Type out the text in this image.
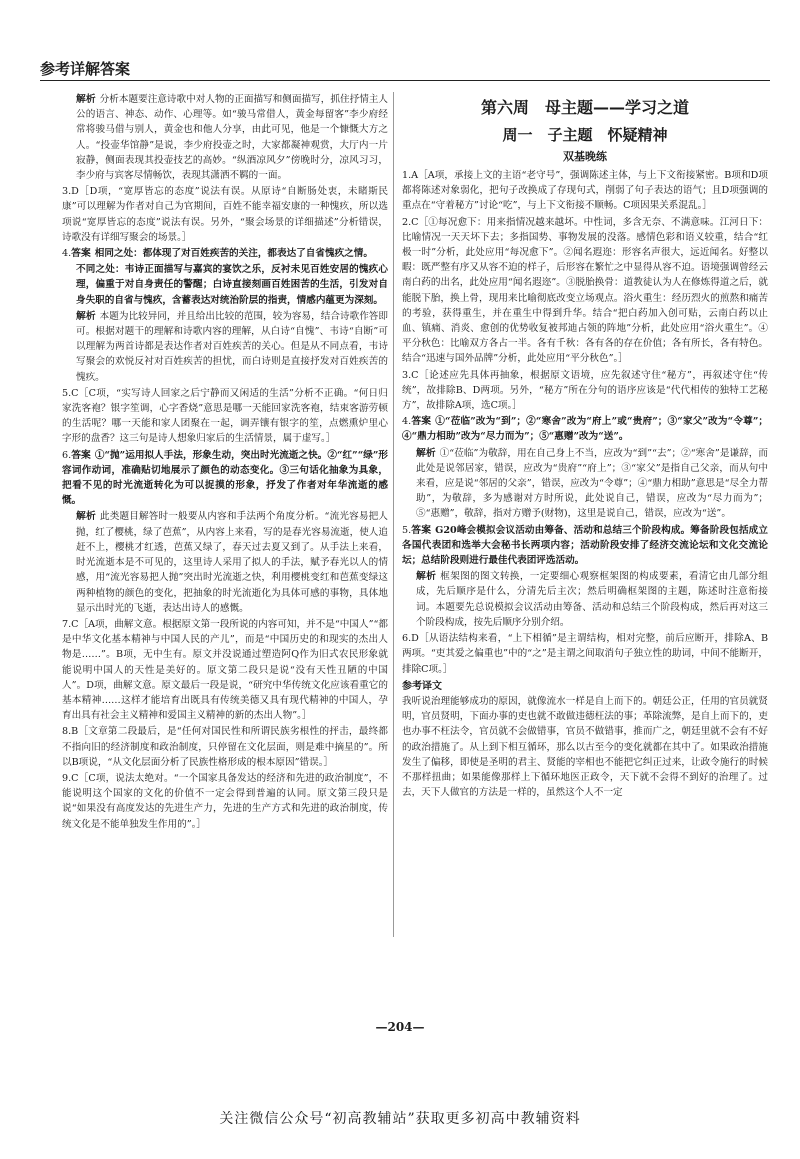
参考详解答案
解析 分析本题要注意诗歌中对人物的正面描写和侧面描写，抓住抒情主人公的语言、神态、动作、心理等。如“骏马常借人，黄金每留客”李少府经常将骏马借与别人，黄金也和他人分享，由此可见，他是一个慷慨大方之人。“投壶华馆静”是说，李少府投壶之时，大家都凝神观赏，大厅内一片寂静，侧面表现其投壶技艺的高妙。“纵酒凉风夕”傍晚时分，凉风习习，李少府与宾客尽情畅饮，表现其潇洒不羁的一面。
3.D［D项，“宽厚皆忘的态度”说法有误。从原诗“自断肠处衷，未睹斯民康”可以理解为作者对自己为官期间，百姓不能幸福安康的一种愧疚，所以选项说“宽厚皆忘的态度”说法有误。另外，“聚会场景的详细描述”分析错误，诗歌没有详细写聚会的场景。］
4.答案 相同之处：都体现了对百姓疾苦的关注，都表达了自省愧疚之情。
不同之处：韦诗正面描写与嘉宾的宴饮之乐，反衬未见百姓安居的愧疚心理，偏重于对自身责任的警醒；白诗直接刻画百姓困苦的生活，引发对自身失职的自省与愧疚，含蓄表达对统治阶层的指责，情感内蕴更为深刻。
解析 本题为比较异同，并且给出比较的范围，较为容易，结合诗歌作答即可。根据对题干的理解和诗歌内容的理解，从白诗“自愧”、韦诗“自断”可以理解为两首诗都是表达作者对百姓疾苦的关心。但是从不同点看，韦诗写聚会的欢悦反衬对百姓疾苦的担忧，而白诗则是直接抒发对百姓疾苦的愧疚。
5.C［C项，“实写诗人回家之后宁静而又闲适的生活”分析不正确。“何日归家洗客袍？银字笙调，心字香烧”意思是哪一天能回家洗客袍，结束客游劳顿的生活呢？哪一天能和家人团聚在一起，调弄镶有银字的笙，点燃熏炉里心字形的盘香？这三句是诗人想象归家后的生活情景，属于虚写。］
6.答案 ①“抛”运用拟人手法，形象生动，突出时光流逝之快。②“红”“绿”形容词作动词，准确贴切地展示了颜色的动态变化。③三句话化抽象为具象，把看不见的时光流逝转化为可以捉摸的形象，抒发了作者对年华流逝的感慨。
解析 此类题目解答时一般要从内容和手法两个角度分析。“流光容易把人抛，红了樱桃，绿了芭蕉”，从内容上来看，写的是春光容易流逝，使人追赶不上，樱桃才红透，芭蕉又绿了，春天过去夏又到了。从手法上来看，时光流逝本是不可见的，这里诗人采用了拟人的手法，赋予春光以人的情感，用“流光容易把人抛”突出时光流逝之快，利用樱桃变红和芭蕉变绿这两种植物的颜色的变化，把抽象的时光流逝化为具体可感的事物，具体地显示出时光的飞逝，表达出诗人的感慨。
7.C［A项，曲解文意。根据原文第一段所说的内容可知，并不是“中国人”“都是中华文化基本精神与中国人民的产儿”，而是“中国历史的和现实的杰出人物是……”。B项，无中生有。原文并没说通过塑造阿Q作为旧式农民形象就能说明中国人的天性是美好的。原文第二段只是说“没有天性丑陋的中国人”。D项，曲解文意。原文最后一段是说，“研究中华传统文化应该看重它的基本精神……这样才能培育出既具有传统美德又具有现代精神的中国人，孕育出具有社会主义精神和爱国主义精神的新的杰出人物”。］
8.B［文章第二段最后，是“任何对国民性和所谓民族劣根性的抨击，最终都不指向旧的经济制度和政治制度，只停留在文化层面，则是难中摘星的”。所以B项说，“从文化层面分析了民族性格形成的根本原因”错误。］
9.C［C项，说法太绝对。“一个国家具备发达的经济和先进的政治制度”，不能说明这个国家的文化的价值不一定会得到普遍的认同。原文第三段只是说“如果没有高度发达的先进生产力，先进的生产方式和先进的政治制度，传统文化是不能单独发生作用的”。］
第六周　母主题——学习之道
周一　子主题　怀疑精神
双基晚练
1.A［A项，承接上文的主语“老守号”，强调陈述主体，与上下文衔接紧密。B项和D项都将陈述对象弱化，把句子改换成了存现句式，削弱了句子表达的语气；且D项强调的重点在“守着秘方”讨论“吃”，与上下文衔接不顺畅。C项因果关系混乱。］
2.C［①每况愈下：用来指情况越来越坏。中性词，多含无奈、不满意味。江河日下：比喻情况一天天坏下去；多指国势、事物发展的没落。感情色彩和语义较重，结合“红极一时”分析，此处应用“每况愈下”。②闻名遐迩：形容名声很大，远近闻名。好整以暇：既严整有序又从容不迫的样子，后形容在繁忙之中显得从容不迫。语境强调曾经云南白药的出名，此处应用“闻名遐迩”。③脱胎换骨：道教徒认为人在修炼得道之后，就能脱下胎，换上骨，现用来比喻彻底改变立场观点。浴火重生：经历烈火的煎熬和痛苦的考验，获得重生，并在重生中得到升华。结合“把白药加入创可贴，云南白药以止血、镇痛、消炎、愈创的优势收复被邦迪占领的阵地”分析，此处应用“浴火重生”。④平分秋色：比喻双方各占一半。各有千秋：各有各的存在价值；各有所长，各有特色。结合“迅速与国外品牌”分析，此处应用“平分秋色”。］
3.C［论述应先具体再抽象，根据原文语境，应先叙述守住“秘方”，再叙述守住“传统”，故排除B、D两项。另外，“秘方”所在分句的语序应该是“代代相传的独特工艺秘方”，故排除A项，选C项。］
4.答案 ①“莅临”改为“到”；②“寒舍”改为“府上”或“贵府”；③“家父”改为“令尊”；④“鼎力相助”改为“尽力而为”；⑤“惠赠”改为“送”。
解析 ①“莅临”为敬辞，用在自己身上不当，应改为“到”“去”；②“寒舍”是谦辞，而此处是说邻居家，错误，应改为“贵府”“府上”；③“家父”是指自己父亲，而从句中来看，应是说“邻居的父亲”，错误，应改为“令尊”；④“鼎力相助”意思是“尽全力帮助”，为敬辞，多为感谢对方时所说，此处说自己，错误，应改为“尽力而为”；⑤“惠赠”，敬辞，指对方赠予(财物)，这里是说自己，错误，应改为“送”。
5.答案 G20峰会模拟会议活动由筹备、活动和总结三个阶段构成。筹备阶段包括成立各国代表团和选举大会秘书长两项内容；活动阶段安排了经济交流论坛和文化交流论坛；总结阶段则进行最佳代表团评选活动。
解析 框架图的图文转换，一定要细心观察框架图的构成要素，看清它由几部分组成，先后顺序是什么，分清先后主次；然后明确框架图的主题，陈述时注意衔接词。本题要先总说模拟会议活动由筹备、活动和总结三个阶段构成，然后再对这三个阶段构成，按先后顺序分别介绍。
6.D［从语法结构来看，“上下相循”是主谓结构，相对完整，前后应断开，排除A、B两项。“吏其爱之偏重也”中的“之”是主谓之间取消句子独立性的助词，中间不能断开，排除C项。］
参考译文
我听说治理能够成功的原因，就像流水一样是自上而下的。朝廷公正，任用的官员就贤明，官员贤明，下面办事的吏也就不敢做违德枉法的事；革除流弊，是自上而下的，吏也办事不枉法令，官员就不会做错事，官员不做错事，推而广之，朝廷里就不会有不好的政治措施了。从上到下相互循环，那么以古至今的变化就都在其中了。如果政治措施发生了偏移，即使是圣明的君主、贤能的宰相也不能把它纠正过来，让政令施行的时候不那样扭曲；如果能像那样上下循环地医正政令，天下就不会得不到好的治理了。过去，天下人做官的方法是一样的，虽然这个人不一定
—204—
关注微信公众号“初高教辅站”获取更多初高中教辅资料
